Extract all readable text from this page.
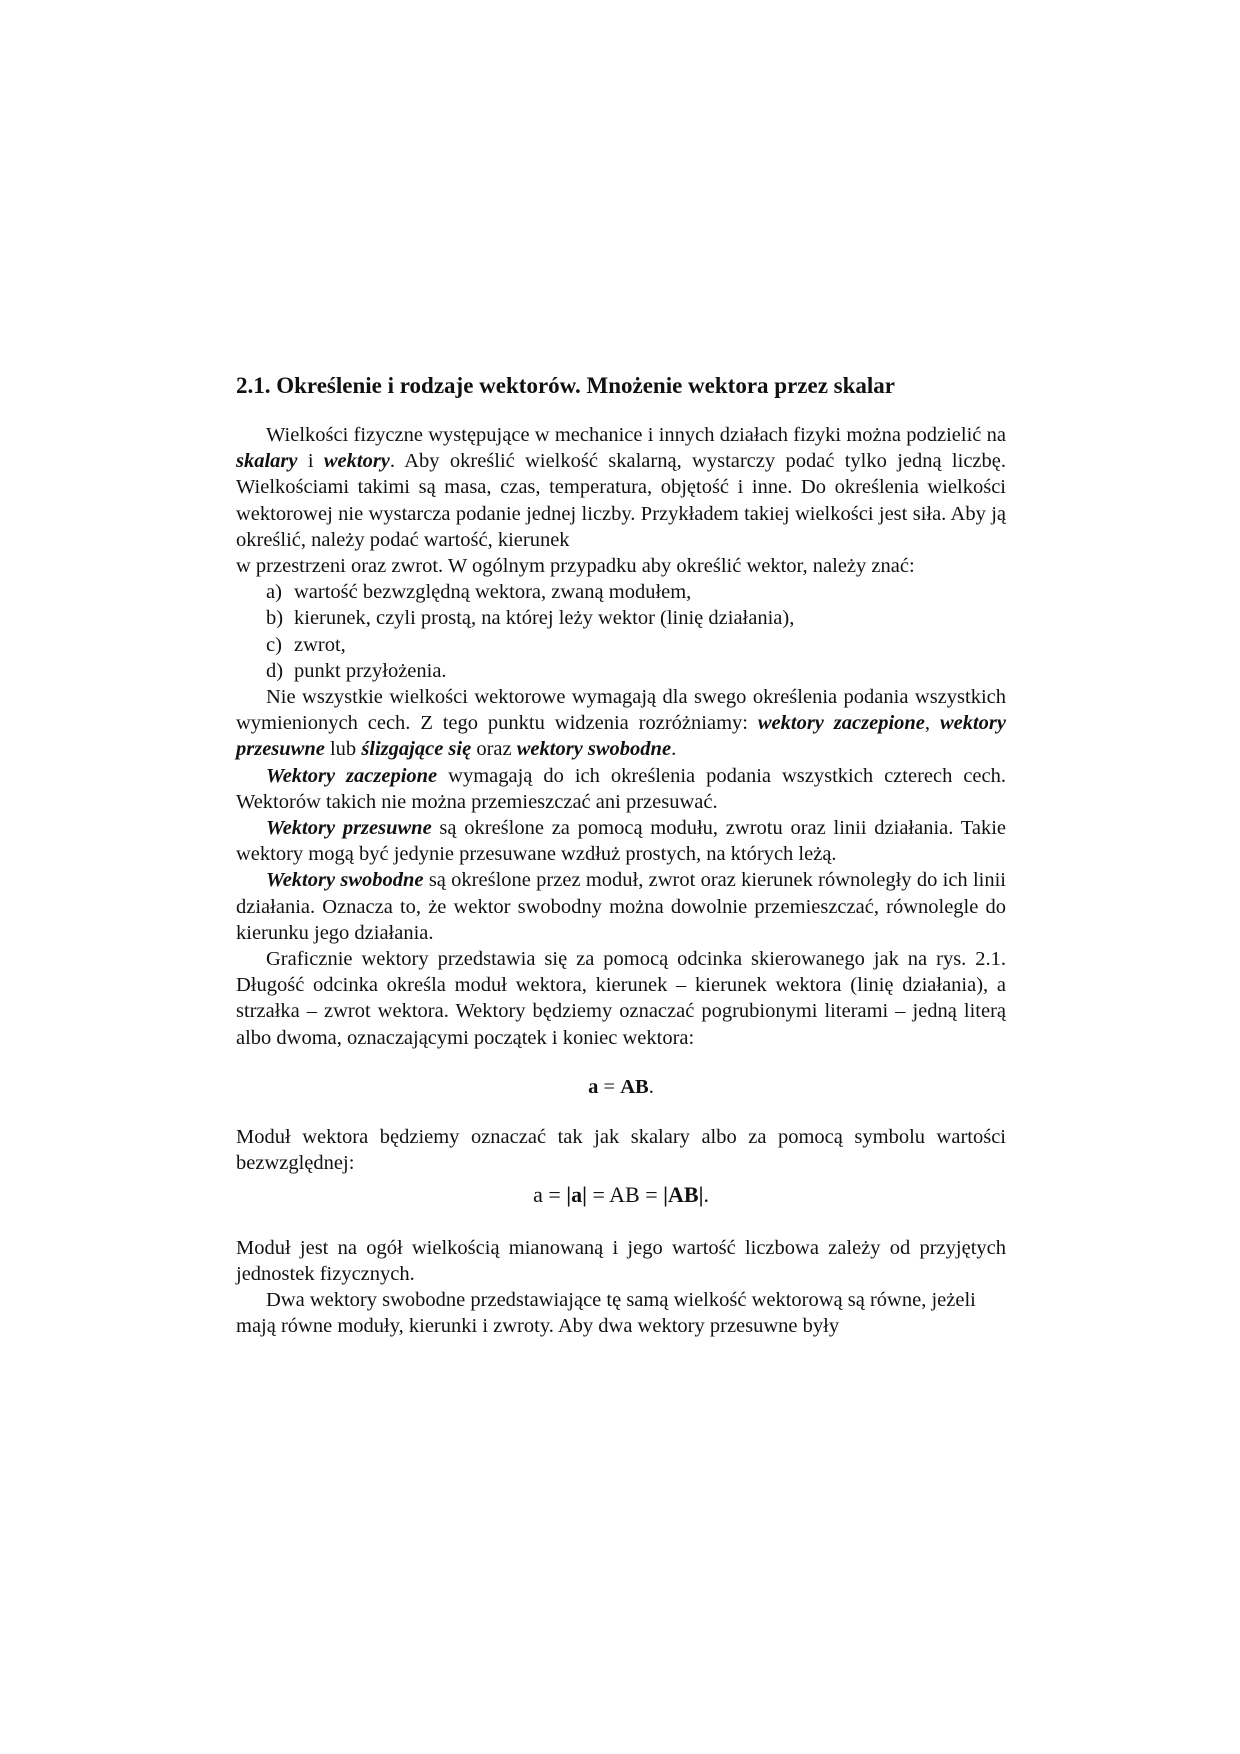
2.1. Określenie i rodzaje wektorów. Mnożenie wektora przez skalar

Wielkości fizyczne występujące w mechanice i innych działach fizyki można podzielić na skalary i wektory. Aby określić wielkość skalarną, wystarczy podać tylko jedną liczbę. Wielkościami takimi są masa, czas, temperatura, objętość i inne. Do określenia wielkości wektorowej nie wystarcza podanie jednej liczby. Przykładem takiej wielkości jest siła. Aby ją określić, należy podać wartość, kierunek

w przestrzeni oraz zwrot. W ogólnym przypadku aby określić wektor, należy znać:

a) wartość bezwzględną wektora, zwaną modułem,
b) kierunek, czyli prostą, na której leży wektor (linię działania),
c) zwrot,
d) punkt przyłożenia.

Nie wszystkie wielkości wektorowe wymagają dla swego określenia podania wszystkich wymienionych cech. Z tego punktu widzenia rozróżniamy: wektory zaczepione, wektory przesuwne lub ślizgające się oraz wektory swobodne.

Wektory zaczepione wymagają do ich określenia podania wszystkich czterech cech. Wektorów takich nie można przemieszczać ani przesuwać.

Wektory przesuwne są określone za pomocą modułu, zwrotu oraz linii działania. Takie wektory mogą być jedynie przesuwane wzdłuż prostych, na których leżą.

Wektory swobodne są określone przez moduł, zwrot oraz kierunek równoległy do ich linii działania. Oznacza to, że wektor swobodny można dowolnie przemieszczać, równolegle do kierunku jego działania.

Graficznie wektory przedstawia się za pomocą odcinka skierowanego jak na rys. 2.1. Długość odcinka określa moduł wektora, kierunek – kierunek wektora (linię działania), a strzałka – zwrot wektora. Wektory będziemy oznaczać pogrubionymi literami – jedną literą albo dwoma, oznaczającymi początek i koniec wektora:

a = AB.

Moduł wektora będziemy oznaczać tak jak skalary albo za pomocą symbolu wartości bezwzględnej:

a = |a| = AB = |AB|.

Moduł jest na ogół wielkością mianowaną i jego wartość liczbowa zależy od przyjętych jednostek fizycznych.

Dwa wektory swobodne przedstawiające tę samą wielkość wektorową są równe, jeżeli mają równe moduły, kierunki i zwroty. Aby dwa wektory przesuwne były
